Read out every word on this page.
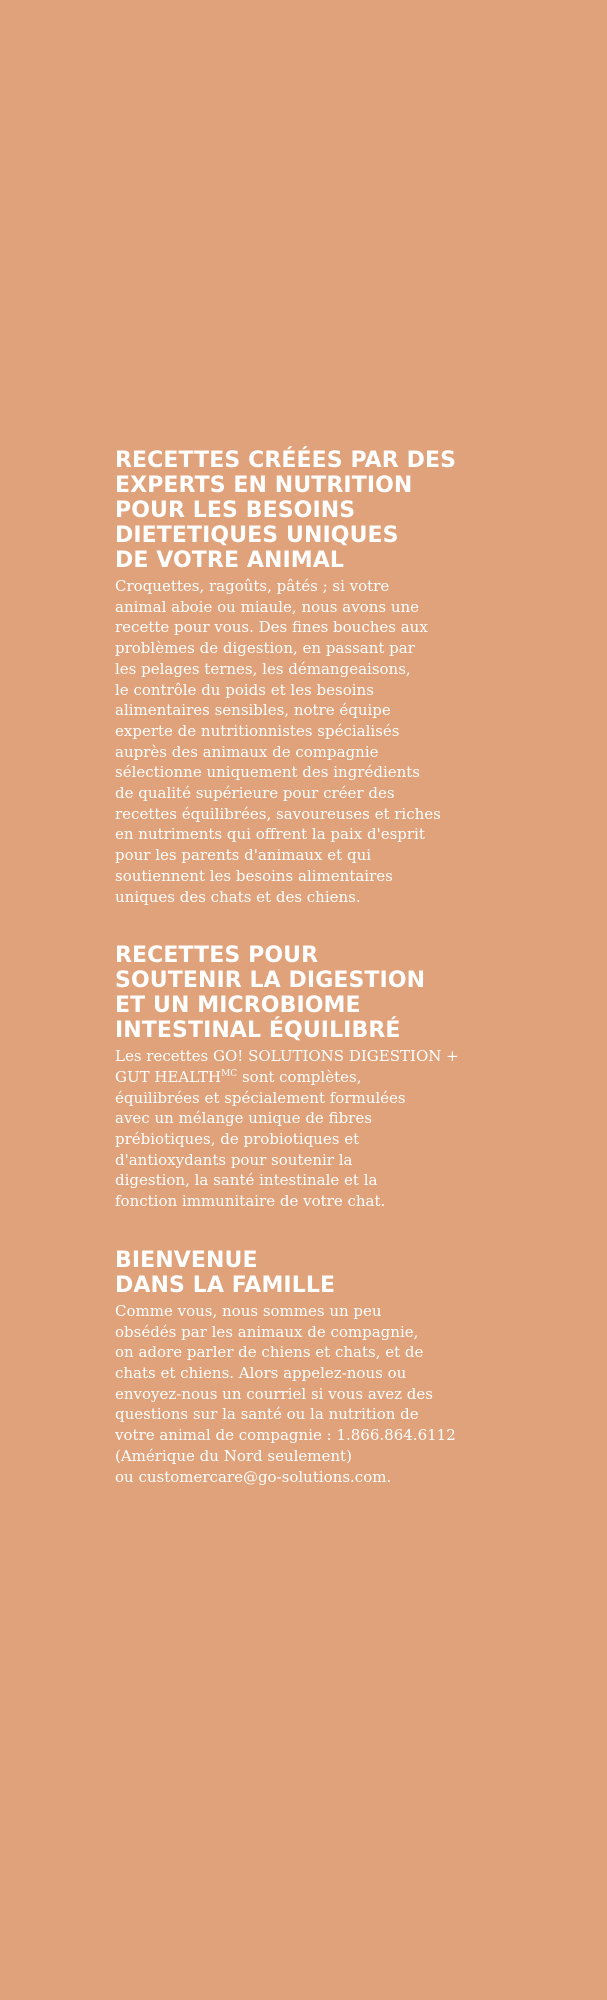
RECETTES CRÉÉES PAR DES
EXPERTS EN NUTRITION
POUR LES BESOINS
DIETETIQUES UNIQUES
DE VOTRE ANIMAL

Croquettes, ragoûts, pâtés ; si votre
animal aboie ou miaule, nous avons une
recette pour vous. Des fines bouches aux
problèmes de digestion, en passant par
les pelages ternes, les démangeaisons,
le contrôle du poids et les besoins
alimentaires sensibles, notre équipe
experte de nutritionnistes spécialisés
auprès des animaux de compagnie
sélectionne uniquement des ingrédients
de qualité supérieure pour créer des
recettes équilibrées, savoureuses et riches
en nutriments qui offrent la paix d'esprit
pour les parents d'animaux et qui
soutiennent les besoins alimentaires
uniques des chats et des chiens.

RECETTES POUR
SOUTENIR LA DIGESTION
ET UN MICROBIOME
INTESTINAL ÉQUILIBRÉ

Les recettes GO! SOLUTIONS DIGESTION +
GUT $HEALTH^{MC}$ sont complètes,
équilibrées et spécialement formulées
avec un mélange unique de fibres
prébiotiques, de probiotiques et
d'antioxydants pour soutenir la
digestion, la santé intestinale et la
fonction immunitaire de votre chat.

BIENVENUE
DANS LA FAMILLE

Comme vous, nous sommes un peu
obsédés par les animaux de compagnie,
on adore parler de chiens et chats, et de
chats et chiens. Alors appelez-nous ou
envoyez-nous un courriel si vous avez des
questions sur la santé ou la nutrition de
votre animal de compagnie : 1.866.864.6112
(Amérique du Nord seulement)
ou customercare@go-solutions.com.
